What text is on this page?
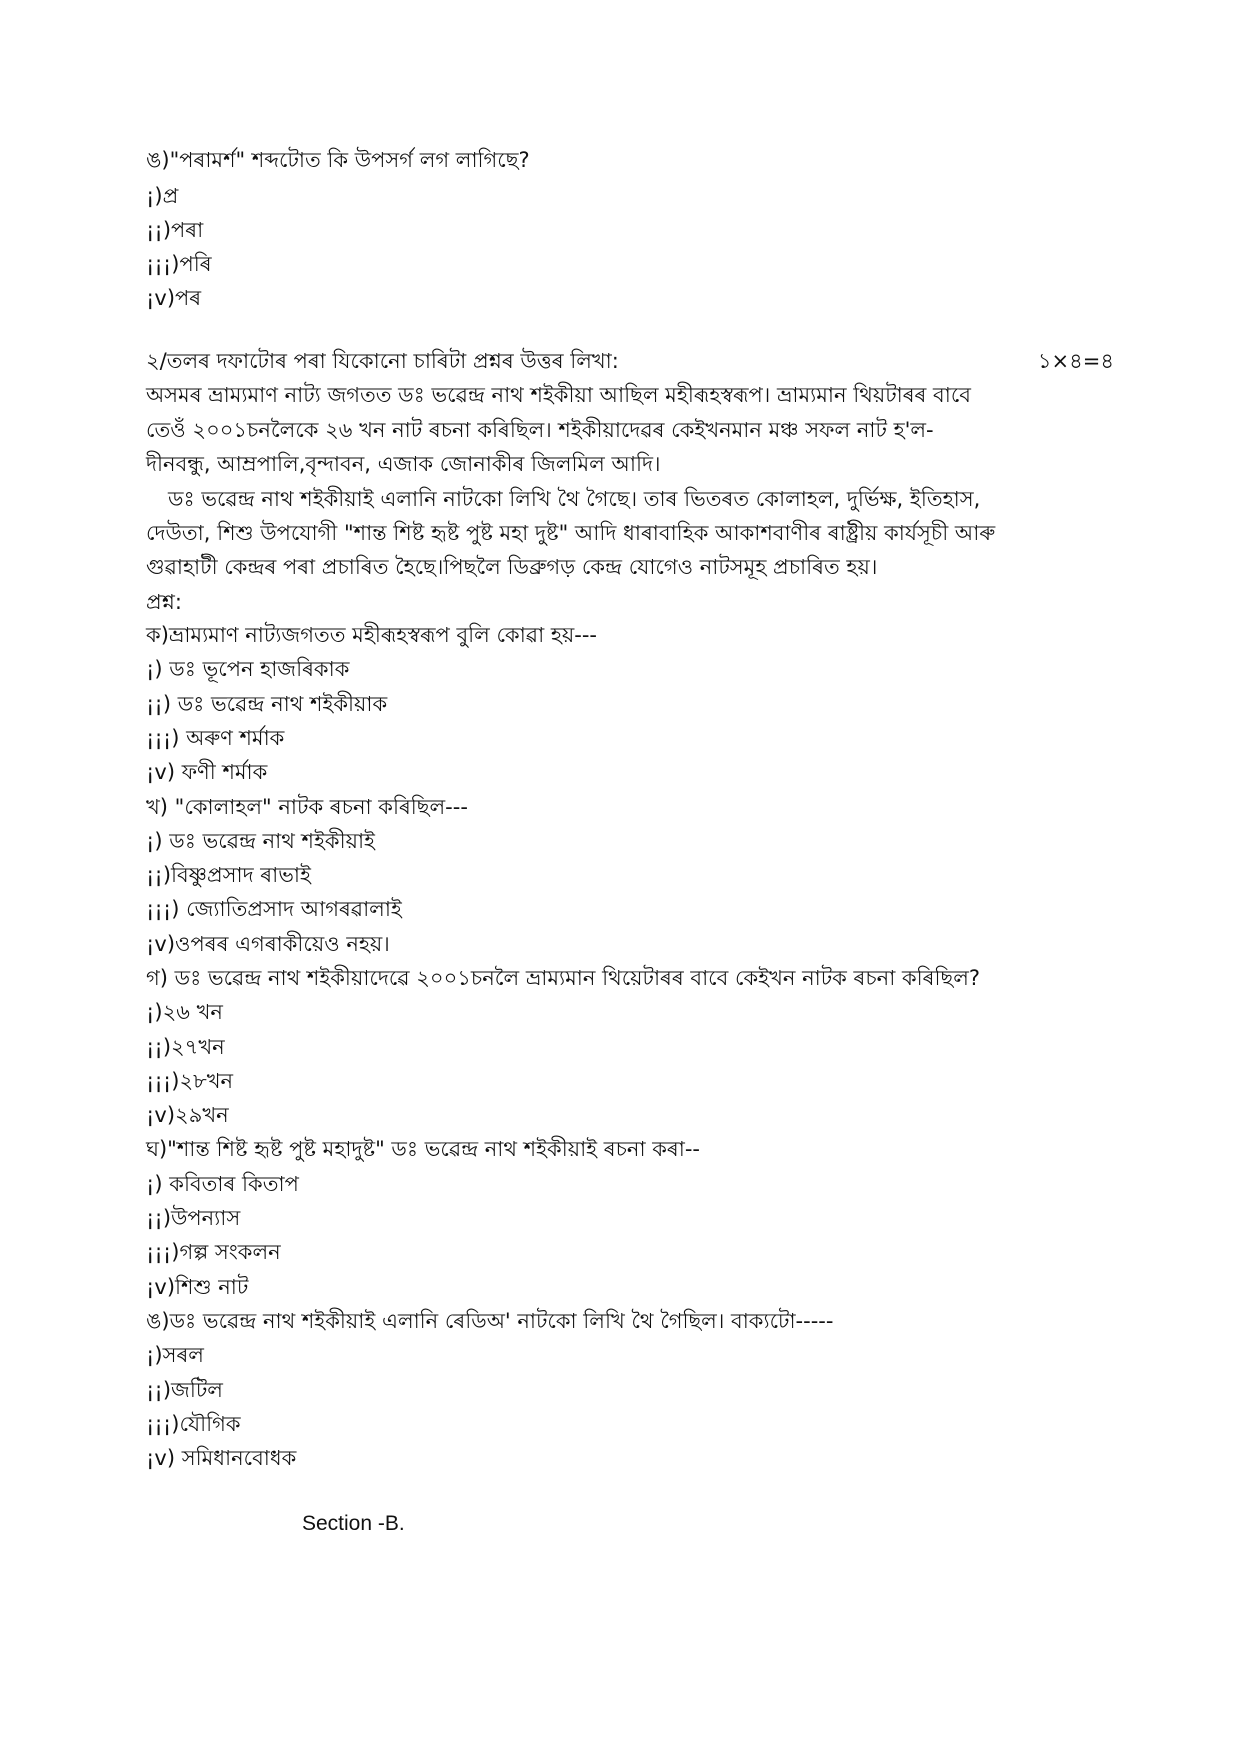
ঙ)"পৰামৰ্শ" শব্দটোত কি উপসৰ্গ লগ লাগিছে?
¡)প্ৰ
¡¡)পৰা
¡¡¡)পৰি
¡v)পৰ
২/তলৰ দফাটোৰ পৰা যিকোনো চাৰিটা প্ৰশ্নৰ উত্তৰ লিখা:	১×৪=৪
অসমৰ ভ্ৰাম্যমাণ নাট্য জগতত ডঃ ভৱেন্দ্ৰ নাথ শইকীয়া আছিল মহীৰূহস্বৰূপ। ভ্ৰাম্যমান থিয়টাৰৰ বাবে
তেওঁ ২০০১চনলৈকে ২৬ খন নাট ৰচনা কৰিছিল। শইকীয়াদেৱৰ কেইখনমান মঞ্চ সফল নাট হ'ল-
দীনবন্ধু, আম্ৰপালি,বৃন্দাবন, এজাক জোনাকীৰ জিলমিল আদি।
ডঃ ভৱেন্দ্ৰ নাথ শইকীয়াই এলানি নাটকো লিখি থৈ গৈছে। তাৰ ভিতৰত কোলাহল, দুৰ্ভিক্ষ, ইতিহাস,
দেউতা, শিশু উপযোগী "শান্ত শিষ্ট হৃষ্ট পুষ্ট মহা দুষ্ট" আদি ধাৰাবাহিক আকাশবাণীৰ ৰাষ্ট্ৰীয় কাৰ্যসূচী আৰু
গুৱাহাটী কেন্দ্ৰৰ পৰা প্ৰচাৰিত হৈছে।পিছলৈ ডিব্ৰুগড় কেন্দ্ৰ যোগেও নাটসমূহ প্ৰচাৰিত হয়।
প্ৰশ্ন:
ক)ভ্ৰাম্যমাণ নাট্যজগতত মহীৰূহস্বৰূপ বুলি কোৱা হয়---
¡) ডঃ ভূপেন হাজৰিকাক
¡¡) ডঃ ভৱেন্দ্ৰ নাথ শইকীয়াক
¡¡¡) অৰুণ শৰ্মাক
¡v) ফণী শৰ্মাক
খ) "কোলাহল" নাটক ৰচনা কৰিছিল---
¡) ডঃ ভৱেন্দ্ৰ নাথ শইকীয়াই
¡¡)বিষ্ণুপ্ৰসাদ ৰাভাই
¡¡¡) জ্যোতিপ্ৰসাদ আগৰৱালাই
¡v)ওপৰৰ এগৰাকীয়েও নহয়।
গ) ডঃ ভৱেন্দ্ৰ নাথ শইকীয়াদেৱে ২০০১চনলৈ ভ্ৰাম্যমান থিয়েটাৰৰ বাবে কেইখন নাটক ৰচনা কৰিছিল?
¡)২৬ খন
¡¡)২৭খন
¡¡¡)২৮খন
¡v)২৯খন
ঘ)"শান্ত শিষ্ট হৃষ্ট পুষ্ট মহাদুষ্ট" ডঃ ভৱেন্দ্ৰ নাথ শইকীয়াই ৰচনা কৰা--
¡) কবিতাৰ কিতাপ
¡¡)উপন্যাস
¡¡¡)গল্প সংকলন
¡v)শিশু নাট
ঙ)ডঃ ভৱেন্দ্ৰ নাথ শইকীয়াই এলানি ৰেডিঅ' নাটকো লিখি থৈ গৈছিল। বাক্যটো-----
¡)সৰল
¡¡)জটিল
¡¡¡)যৌগিক
¡v) সমিধানবোধক
Section -B.
